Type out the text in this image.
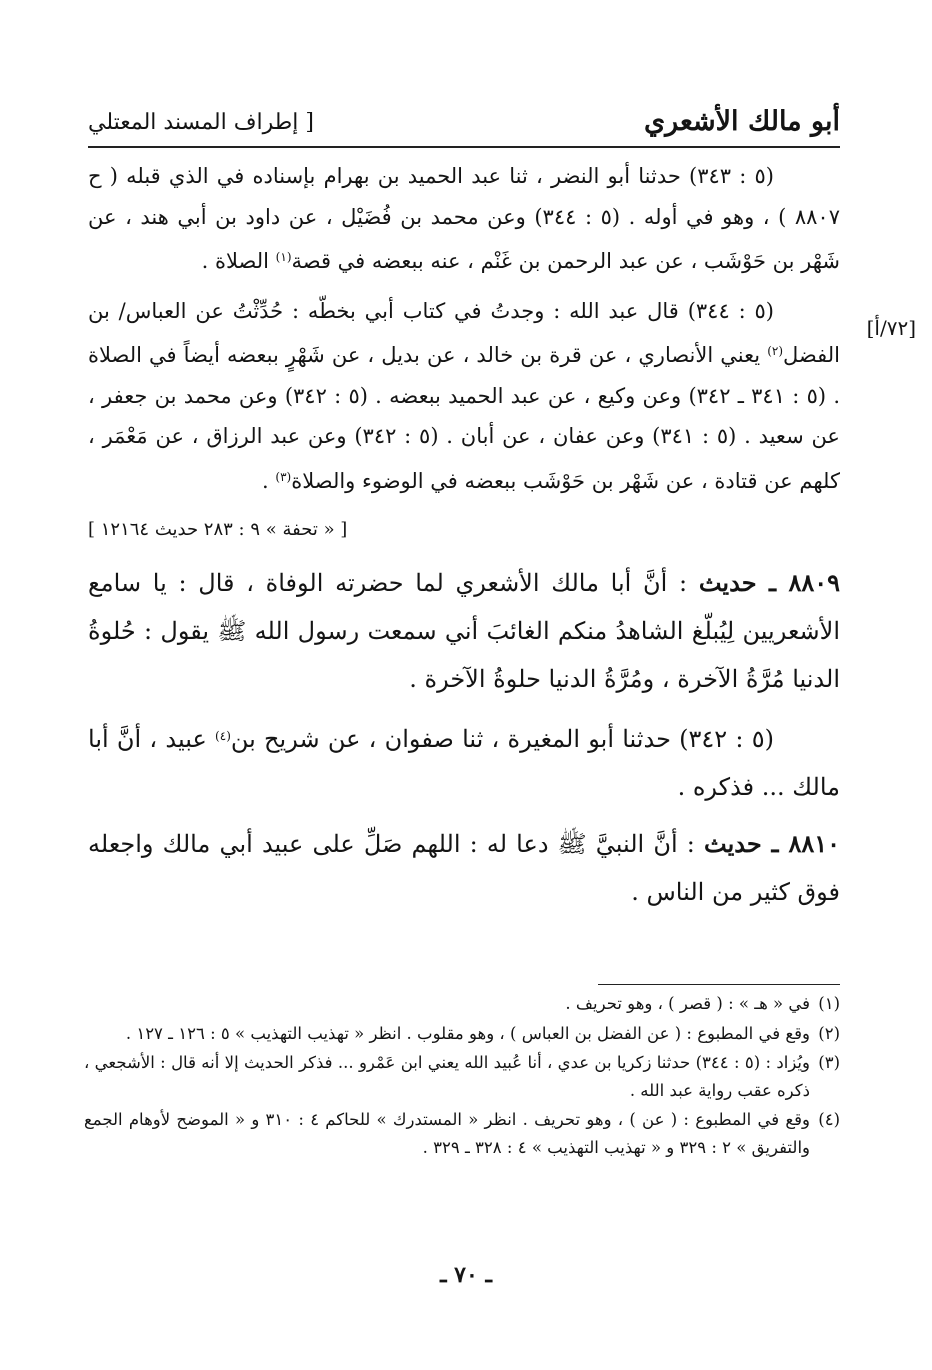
أبو مالك الأشعري
[ إطراف المسند المعتلي
[٧٢/أ]

(٥ : ٣٤٣) حدثنا أبو النضر ، ثنا عبد الحميد بن بهرام بإسناده في الذي قبله ( ح ٨٨٠٧ ) ، وهو في أوله . (٥ : ٣٤٤) وعن محمد بن فُضَيْل ، عن داود بن أبي هند ، عن شَهْر بن حَوْشَب ، عن عبد الرحمن بن غَنْم ، عنه ببعضه في قصة$^{(١)}$ الصلاة .

(٥ : ٣٤٤) قال عبد الله : وجدتُ في كتاب أبي بخطّه : حُدِّثْتُ عن العباس/ بن الفضل$^{(٢)}$ يعني الأنصاري ، عن قرة بن خالد ، عن بديل ، عن شَهْرٍ ببعضه أيضاً في الصلاة . (٥ : ٣٤١ ـ ٣٤٢) وعن وكيع ، عن عبد الحميد ببعضه . (٥ : ٣٤٢) وعن محمد بن جعفر ، عن سعيد . (٥ : ٣٤١) وعن عفان ، عن أبان . (٥ : ٣٤٢) وعن عبد الرزاق ، عن مَعْمَر ، كلهم عن قتادة ، عن شَهْر بن حَوْشَب ببعضه في الوضوء والصلاة$^{(٣)}$ .

[ « تحفة » ٩ : ٢٨٣ حديث ١٢١٦٤ ]

٨٨٠٩ ـ حديث : أنَّ أبا مالك الأشعري لما حضرته الوفاة ، قال : يا سامع الأشعريين لِيُبلّغ الشاهدُ منكم الغائبَ أني سمعت رسول الله ﷺ يقول : حُلوةُ الدنيا مُرَّةُ الآخرة ، ومُرَّةُ الدنيا حلوةُ الآخرة .

(٥ : ٣٤٢) حدثنا أبو المغيرة ، ثنا صفوان ، عن شريح بن$^{(٤)}$ عبيد ، أنَّ أبا مالك ... فذكره .

٨٨١٠ ـ حديث : أنَّ النبيَّ ﷺ دعا له : اللهم صَلِّ على عبيد أبي مالك واجعله فوق كثير من الناس .

(١)
في « هـ » : ( قصر ) ، وهو تحريف .
(٢)
وقع في المطبوع : ( عن الفضل بن العباس ) ، وهو مقلوب . انظر « تهذيب التهذيب » ٥ : ١٢٦ ـ ١٢٧ .
(٣)
ويُزاد : (٥ : ٣٤٤) حدثنا زكريا بن عدي ، أنا عُبيد الله يعني ابن عَمْرو ... فذكر الحديث إلا أنه قال : الأشجعي ، ذكره عقب رواية عبد الله .
(٤)
وقع في المطبوع : ( عن ) ، وهو تحريف . انظر « المستدرك » للحاكم ٤ : ٣١٠ و « الموضح لأوهام الجمع والتفريق » ٢ : ٣٢٩ و « تهذيب التهذيب » ٤ : ٣٢٨ ـ ٣٢٩ .
ـ ٧٠ ـ
